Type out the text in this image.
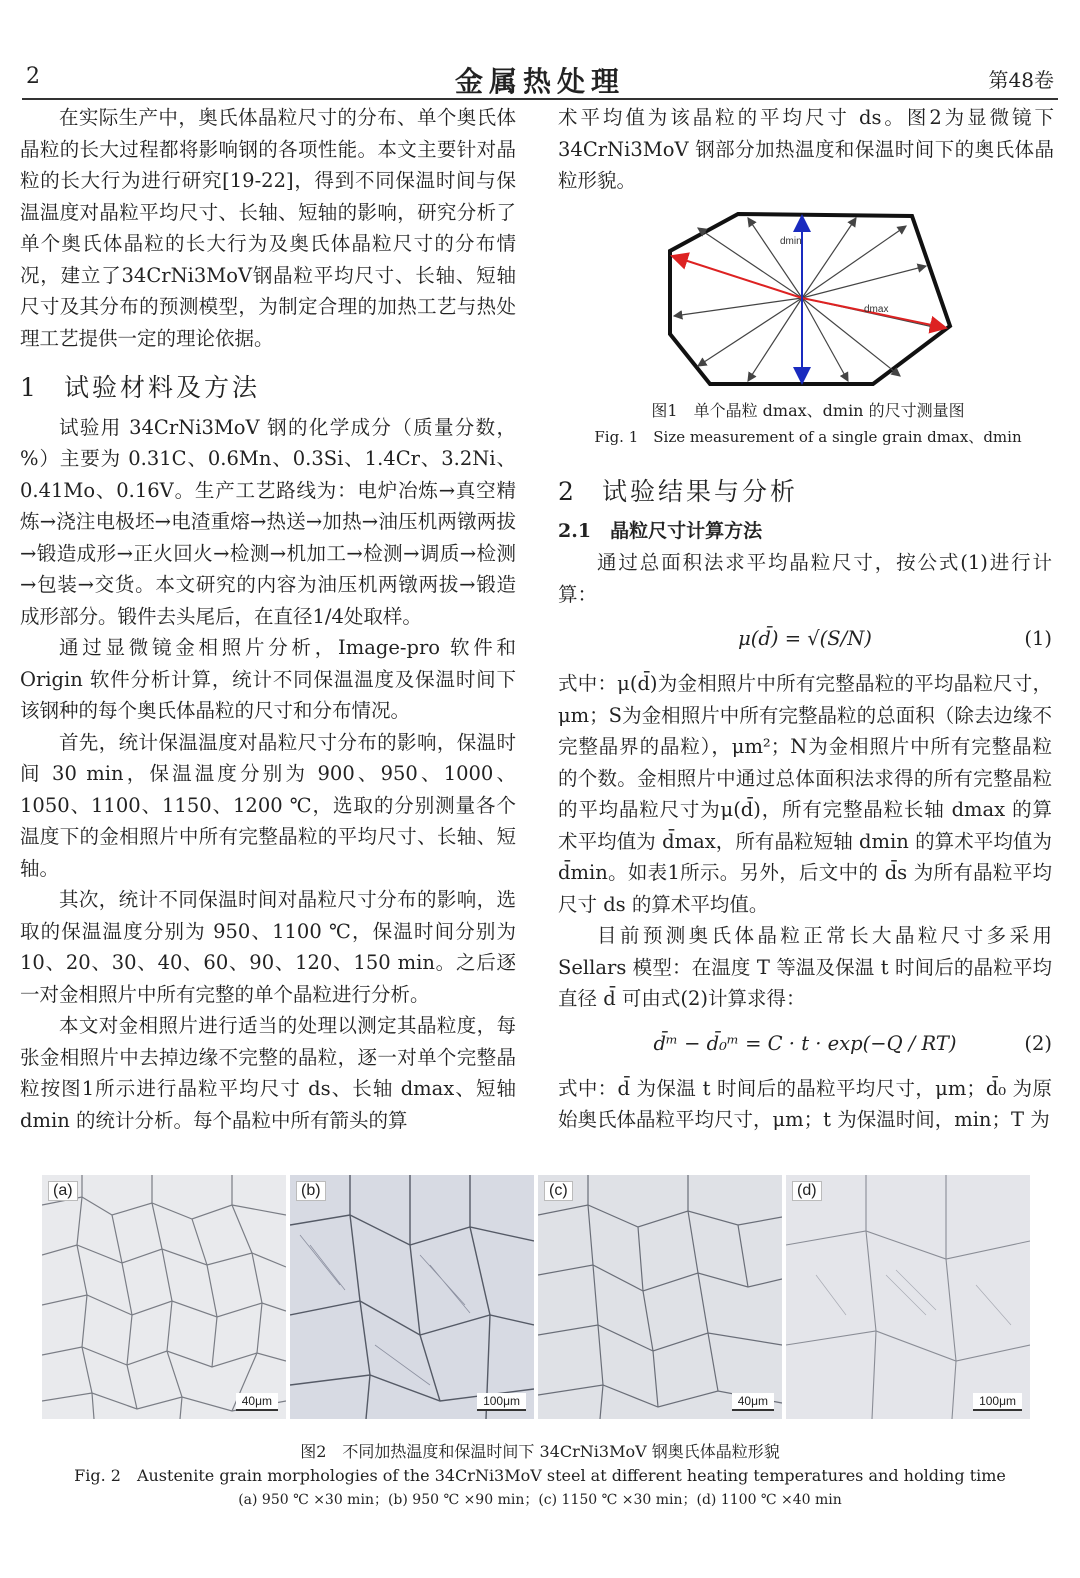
2	金属热处理	第48卷

在实际生产中，奥氏体晶粒尺寸的分布、单个奥氏体晶粒的长大过程都将影响钢的各项性能。本文主要针对晶粒的长大行为进行研究[19-22]，得到不同保温时间与保温温度对晶粒平均尺寸、长轴、短轴的影响，研究分析了单个奥氏体晶粒的长大行为及奥氏体晶粒尺寸的分布情况，建立了34CrNi3MoV钢晶粒平均尺寸、长轴、短轴尺寸及其分布的预测模型，为制定合理的加热工艺与热处理工艺提供一定的理论依据。

1 试验材料及方法

试验用 34CrNi3MoV 钢的化学成分（质量分数，%）主要为 0.31C、0.6Mn、0.3Si、1.4Cr、3.2Ni、0.41Mo、0.16V。生产工艺路线为：电炉冶炼→真空精炼→浇注电极坯→电渣重熔→热送→加热→油压机两镦两拔→锻造成形→正火回火→检测→机加工→检测→调质→检测→包装→交货。本文研究的内容为油压机两镦两拔→锻造成形部分。锻件去头尾后，在直径1/4处取样。

通过显微镜金相照片分析，Image-pro 软件和 Origin 软件分析计算，统计不同保温温度及保温时间下该钢种的每个奥氏体晶粒的尺寸和分布情况。

首先，统计保温温度对晶粒尺寸分布的影响，保温时间 30 min，保温温度分别为 900、950、1000、1050、1100、1150、1200 ℃，选取的分别测量各个温度下的金相照片中所有完整晶粒的平均尺寸、长轴、短轴。

其次，统计不同保温时间对晶粒尺寸分布的影响，选取的保温温度分别为 950、1100 ℃，保温时间分别为 10、20、30、40、60、90、120、150 min。之后逐一对金相照片中所有完整的单个晶粒进行分析。

本文对金相照片进行适当的处理以测定其晶粒度，每张金相照片中去掉边缘不完整的晶粒，逐一对单个完整晶粒按图1所示进行晶粒平均尺寸 ds、长轴 dmax、短轴 dmin 的统计分析。每个晶粒中所有箭头的算

术平均值为该晶粒的平均尺寸 ds。图2为显微镜下 34CrNi3MoV 钢部分加热温度和保温时间下的奥氏体晶粒形貌。

dmin
dmax
图1　单个晶粒 dmax、dmin 的尺寸测量图
Fig. 1　Size measurement of a single grain dmax、dmin
2 试验结果与分析
2.1　 晶粒尺寸计算方法

通过总面积法求平均晶粒尺寸，按公式(1)进行计算：

μ(d̄) = √(S/N)	(1)

式中：μ(d̄)为金相照片中所有完整晶粒的平均晶粒尺寸，μm；S为金相照片中所有完整晶粒的总面积（除去边缘不完整晶界的晶粒），μm²；N为金相照片中所有完整晶粒的个数。金相照片中通过总体面积法求得的所有完整晶粒的平均晶粒尺寸为μ(d̄)，所有完整晶粒长轴 dmax 的算术平均值为 d̄max，所有晶粒短轴 dmin 的算术平均值为 d̄min。如表1所示。另外，后文中的 d̄s 为所有晶粒平均尺寸 ds 的算术平均值。

目前预测奥氏体晶粒正常长大晶粒尺寸多采用 Sellars 模型：在温度 T 等温及保温 t 时间后的晶粒平均直径 d̄ 可由式(2)计算求得：

d̄ᵐ − d̄₀ᵐ = C · t · exp(−Q / RT)	(2)

式中：d̄ 为保温 t 时间后的晶粒平均尺寸，μm；d̄₀ 为原始奥氏体晶粒平均尺寸，μm；t 为保温时间，min；T 为

(a)
40μm
(b)
100μm
(c)
40μm
(d)
100μm
图2　不同加热温度和保温时间下 34CrNi3MoV 钢奥氏体晶粒形貌
Fig. 2　Austenite grain morphologies of the 34CrNi3MoV steel at different heating temperatures and holding time
(a) 950 ℃ ×30 min；(b) 950 ℃ ×90 min；(c) 1150 ℃ ×30 min；(d) 1100 ℃ ×40 min
